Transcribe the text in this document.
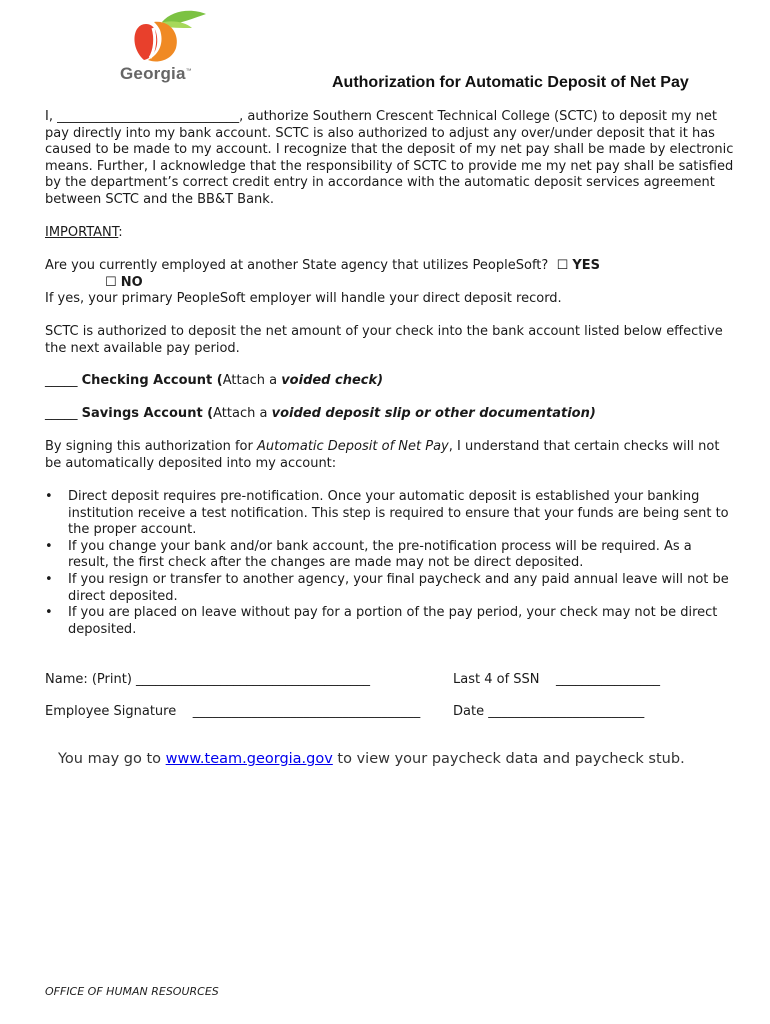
Georgia™
Authorization for Automatic Deposit of Net Pay

I, ____________________________, authorize Southern Crescent Technical College (SCTC) to deposit my net pay directly into my bank account. SCTC is also authorized to adjust any over/under deposit that it has caused to be made to my account. I recognize that the deposit of my net pay shall be made by electronic means. Further, I acknowledge that the responsibility of SCTC to provide me my net pay shall be satisfied by the department’s correct credit entry in accordance with the automatic deposit services agreement between SCTC and the BB&T Bank.

IMPORTANT:

Are you currently employed at another State agency that utilizes PeopleSoft? ☐ YES

☐ NO

If yes, your primary PeopleSoft employer will handle your direct deposit record.

SCTC is authorized to deposit the net amount of your check into the bank account listed below effective the next available pay period.

_____ Checking Account (Attach a voided check)
_____ Savings Account (Attach a voided deposit slip or other documentation)

By signing this authorization for Automatic Deposit of Net Pay, I understand that certain checks will not be automatically deposited into my account:

• Direct deposit requires pre-notification. Once your automatic deposit is established your banking institution receive a test notification. This step is required to ensure that your funds are being sent to the proper account.
• If you change your bank and/or bank account, the pre-notification process will be required. As a result, the first check after the changes are made may not be direct deposited.
• If you resign or transfer to another agency, your final paycheck and any paid annual leave will not be direct deposited.
• If you are placed on leave without pay for a portion of the pay period, your check may not be direct deposited.
Name: (Print) ____________________________________	Last 4 of SSN ________________
Employee Signature ___________________________________	Date ________________________
You may go to www.team.georgia.gov to view your paycheck data and paycheck stub.
OFFICE OF HUMAN RESOURCES
